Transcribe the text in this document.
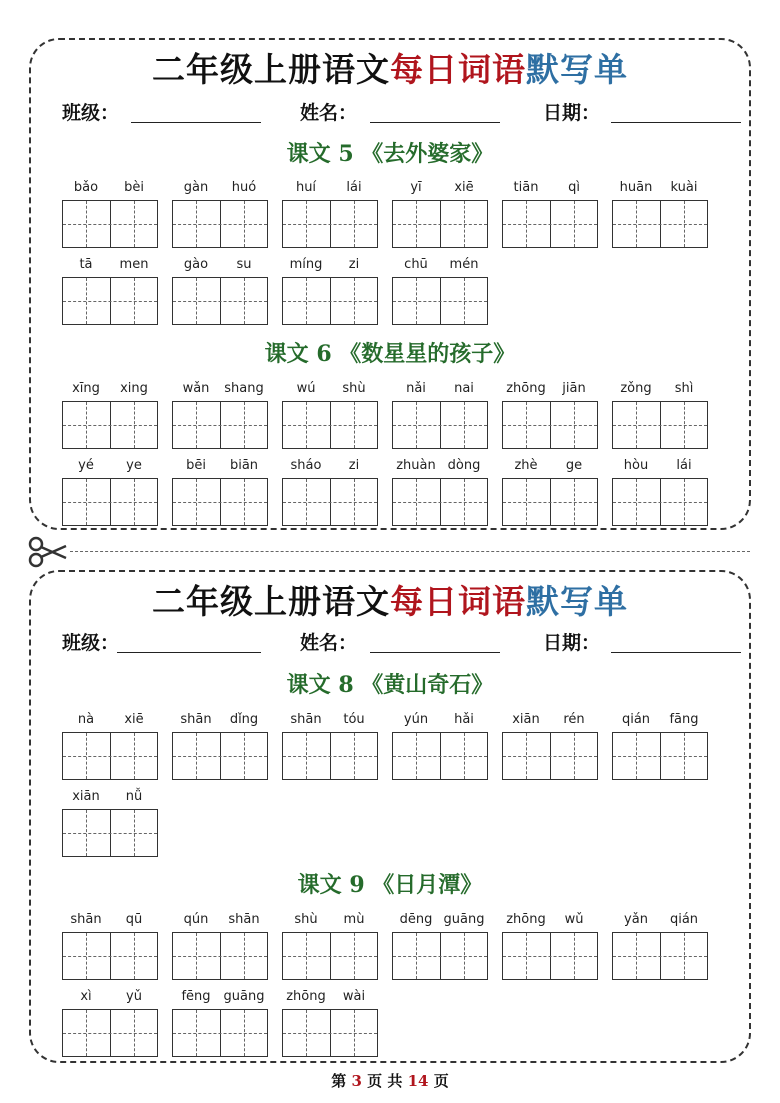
二年级上册语文每日词语默写单
班级：	姓名：	日期：
课文 5 《去外婆家》
课文 6 《数星星的孩子》
bǎo	bèi	gàn	huó	huí	lái	yī	xiē	tiān	qì	huān	kuài
tā	men	gào	su	míng	zi	chū	mén
xīng	xing	wǎn	shang	wú	shù	nǎi	nai	zhōng	jiān	zǒng	shì
yé	ye	bēi	biān	sháo	zi	zhuàn dòng	zhè	ge	hòu	lái
二年级上册语文每日词语默写单
班级：	姓名：	日期：
课文 8 《黄山奇石》
课文 9 《日月潭》
nà	xiē	shān	dǐng	shān	tóu	yún	hǎi	xiān	rén	qián	fāng
xiān	nǚ
shān	qū	qún	shān	shù	mù	dēng guāng	zhōng	wǔ	yǎn	qián
xì	yǔ	fēng guāng	zhōng	wài
第 3 页 共 14 页
